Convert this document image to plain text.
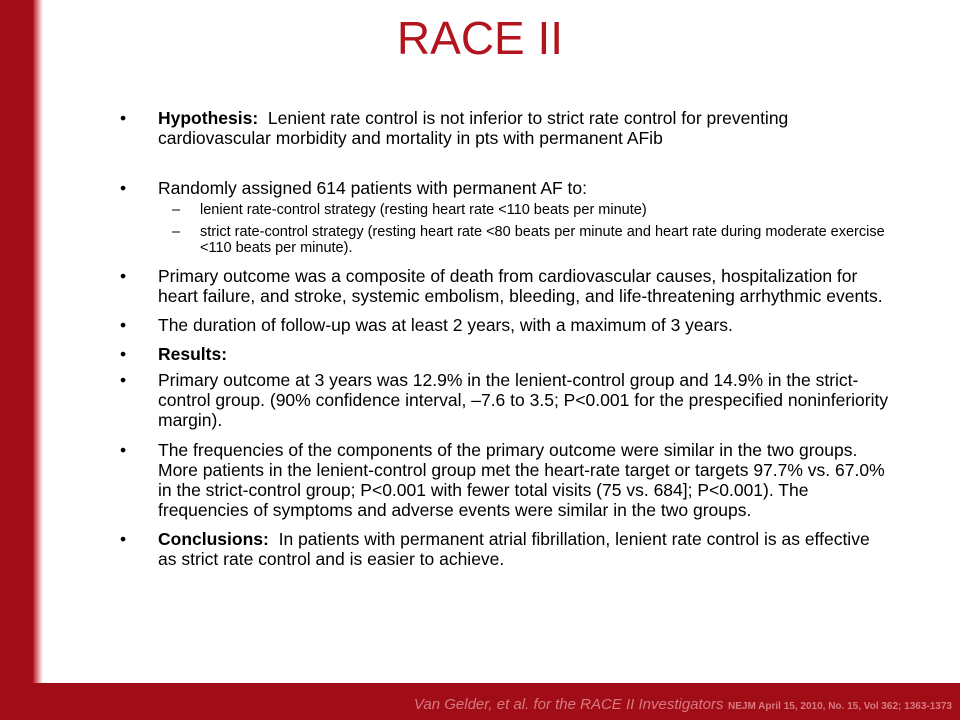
RACE II
• Hypothesis: Lenient rate control is not inferior to strict rate control for preventing cardiovascular morbidity and mortality in pts with permanent AFib
• Randomly assigned 614 patients with permanent AF to:
– lenient rate-control strategy (resting heart rate <110 beats per minute)
– strict rate-control strategy (resting heart rate <80 beats per minute and heart rate during moderate exercise <110 beats per minute).
• Primary outcome was a composite of death from cardiovascular causes, hospitalization for heart failure, and stroke, systemic embolism, bleeding, and life-threatening arrhythmic events.
• The duration of follow-up was at least 2 years, with a maximum of 3 years.
• Results:
• Primary outcome at 3 years was 12.9% in the lenient-control group and 14.9% in the strict-control group. (90% confidence interval, –7.6 to 3.5; P<0.001 for the prespecified noninferiority margin).
• The frequencies of the components of the primary outcome were similar in the two groups. More patients in the lenient-control group met the heart-rate target or targets 97.7% vs. 67.0% in the strict-control group; P<0.001 with fewer total visits (75 vs. 684]; P<0.001). The frequencies of symptoms and adverse events were similar in the two groups.
• Conclusions: In patients with permanent atrial fibrillation, lenient rate control is as effective as strict rate control and is easier to achieve.
Van Gelder, et al. for the RACE II Investigators NEJM April 15, 2010, No. 15, Vol 362; 1363-1373
